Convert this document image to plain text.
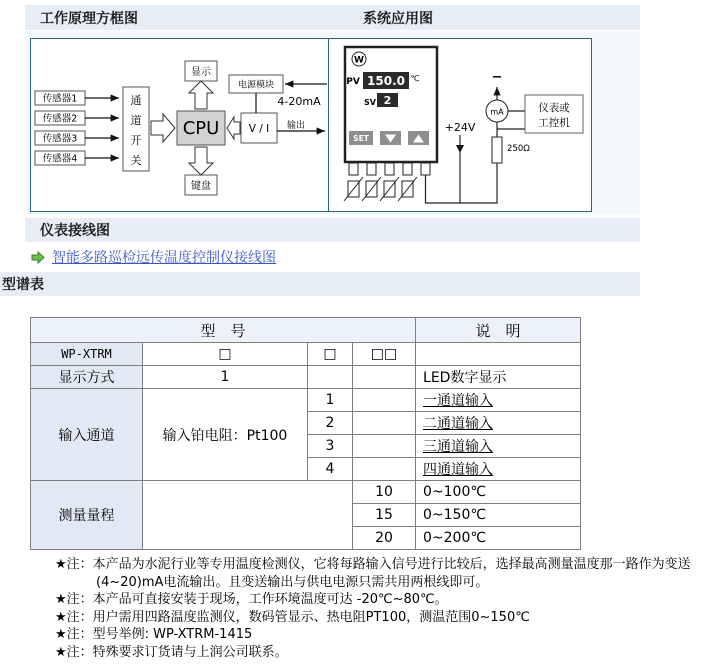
工作原理方框图	系统应用图
传感器1
传感器2
传感器3
传感器4
通
道
开
关
CPU
显示
键盘
电源模块
V / I 输出
4-20mA
W
PV 150.0 ℃
SV 2
SET
+24V
−
mA
250Ω
仪表或
工控机
仪表接线图
智能多路巡检远传温度控制仪接线图
型谱表
型　号				说　明
WP-XTRM	□	□	□□	
显示方式	1			LED数字显示
输入通道	输入铂电阻：Pt100	1		一通道输入
		2		二通道输入
		3		三通道输入
		4		四通道输入
测量量程			10	0~100℃
			15	0~150℃
			20	0~200℃
★注：本产品为水泥行业等专用温度检测仪，它将每路输入信号进行比较后，选择最高测量温度那一路作为变送(4~20)mA电流输出。且变送输出与供电电源只需共用两根线即可。
★注：本产品可直接安装于现场，工作环境温度可达 -20℃~80℃。
★注：用户需用四路温度监测仪，数码管显示、热电阻PT100，测温范围0~150℃
★注：型号举例: WP-XTRM-1415
★注：特殊要求订货请与上润公司联系。
